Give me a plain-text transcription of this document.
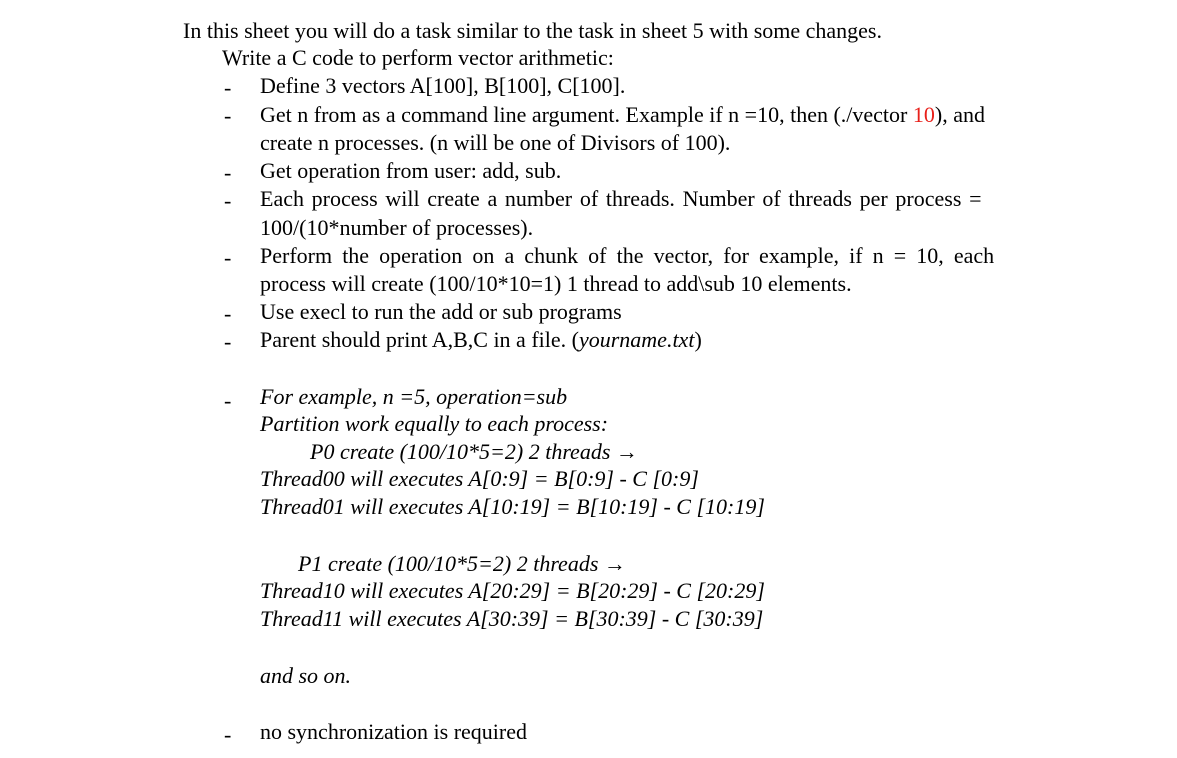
In this sheet you will do a task similar to the task in sheet 5 with some changes.
Write a C code to perform vector arithmetic:
- Define 3 vectors A[100], B[100], C[100].
- Get n from as a command line argument. Example if n =10, then (./vector 10), and
create n processes. (n will be one of Divisors of 100).
- Get operation from user: add, sub.
- Each process will create a number of threads. Number of threads per process =
100/(10*number of processes).
- Perform the operation on a chunk of the vector, for example, if n = 10, each
process will create (100/10*10=1) 1 thread to add\sub 10 elements.
- Use execl to run the add or sub programs
- Parent should print A,B,C in a file. (yourname.txt)
- For example, n =5, operation=sub
Partition work equally to each process:
P0 create (100/10*5=2) 2 threads →
Thread00 will executes A[0:9] = B[0:9] - C [0:9]
Thread01 will executes A[10:19] = B[10:19] - C [10:19]
P1 create (100/10*5=2) 2 threads →
Thread10 will executes A[20:29] = B[20:29] - C [20:29]
Thread11 will executes A[30:39] = B[30:39] - C [30:39]
and so on.
- no synchronization is required
